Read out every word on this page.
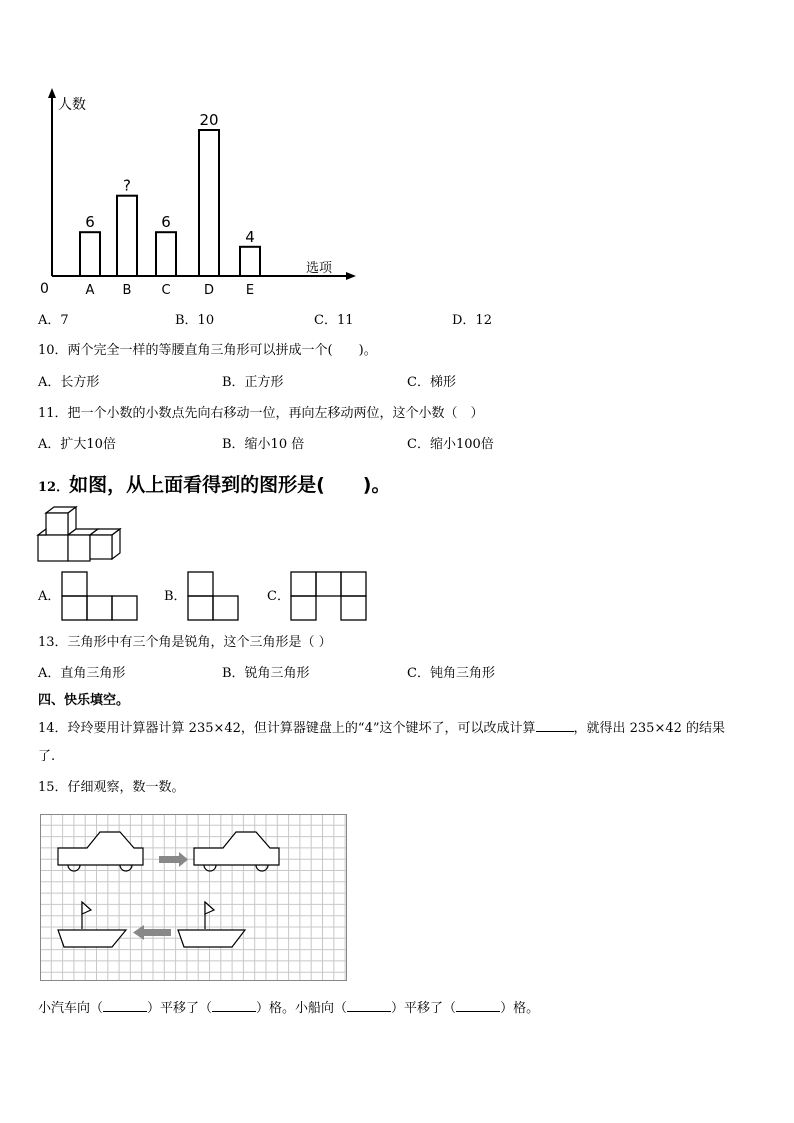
人数
选项
0
6
A
?
B
6
C
20
D
4
E
A．7	B．10	C．11	D．12
10．两个完全一样的等腰直角三角形可以拼成一个( )。
A．长方形	B．正方形	C．梯形
11．把一个小数的小数点先向右移动一位，再向左移动两位，这个小数（　）
A．扩大10倍	B．缩小10 倍	C．缩小100倍
12．如图，从上面看得到的图形是(　　)。
A．	B．	C．
13．三角形中有三个角是锐角，这个三角形是（ ）
A．直角三角形	B．锐角三角形	C．钝角三角形
四、快乐填空。
14．玲玲要用计算器计算 235×42，但计算器键盘上的“4”这个键坏了，可以改成计算	，就得出 235×42 的结果
了.
15．仔细观察，数一数。
小汽车向（	）平移了（	）格。小船向（	）平移了（	）格。
